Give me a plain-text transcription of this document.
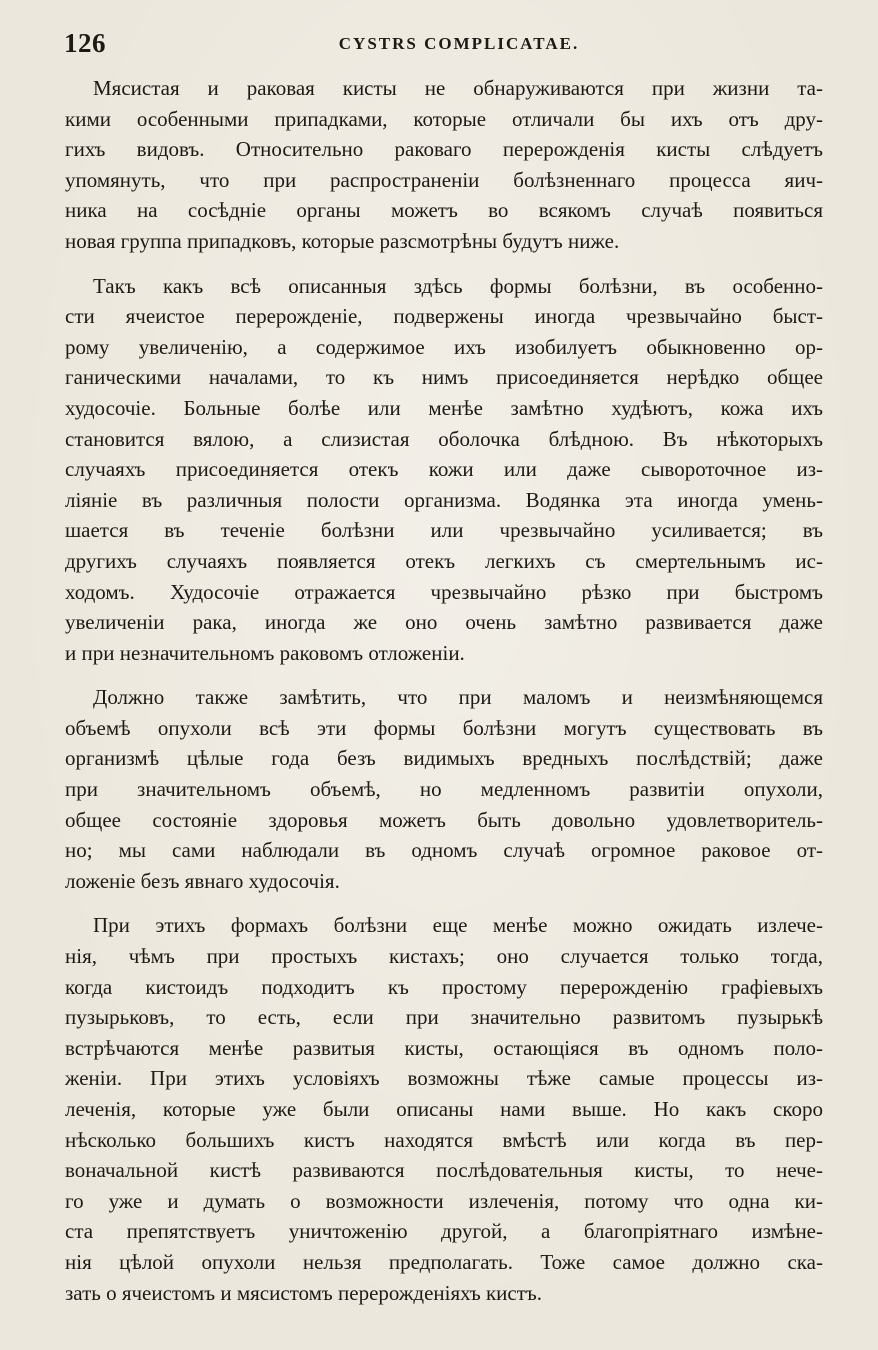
126	CYSTRS COMPLICATAE.
Мясистая и раковая кисты не обнаруживаются при жизни та-
кими особенными припадками, которые отличали бы ихъ отъ дру-
гихъ видовъ. Относительно раковаго перерожденія кисты слѣдуетъ
упомянуть, что при распространеніи болѣзненнаго процесса яич-
ника на сосѣдніе органы можетъ во всякомъ случаѣ появиться
новая группа припадковъ, которые разсмотрѣны будутъ ниже.
Такъ какъ всѣ описанныя здѣсь формы болѣзни, въ особенно-
сти ячеистое перерожденіе, подвержены иногда чрезвычайно быст-
рому увеличенію, а содержимое ихъ изобилуетъ обыкновенно ор-
ганическими началами, то къ нимъ присоединяется нерѣдко общее
худосочіе. Больные болѣе или менѣе замѣтно худѣютъ, кожа ихъ
становится вялою, а слизистая оболочка блѣдною. Въ нѣкоторыхъ
случаяхъ присоединяется отекъ кожи или даже сывороточное из-
ліяніе въ различныя полости организма. Водянка эта иногда умень-
шается въ теченіе болѣзни или чрезвычайно усиливается; въ
другихъ случаяхъ появляется отекъ легкихъ съ смертельнымъ ис-
ходомъ. Худосочіе отражается чрезвычайно рѣзко при быстромъ
увеличеніи рака, иногда же оно очень замѣтно развивается даже
и при незначительномъ раковомъ отложеніи.
Должно также замѣтить, что при маломъ и неизмѣняющемся
объемѣ опухоли всѣ эти формы болѣзни могутъ существовать въ
организмѣ цѣлые года безъ видимыхъ вредныхъ послѣдствій; даже
при значительномъ объемѣ, но медленномъ развитіи опухоли,
общее состояніе здоровья можетъ быть довольно удовлетворитель-
но; мы сами наблюдали въ одномъ случаѣ огромное раковое от-
ложеніе безъ явнаго худосочія.
При этихъ формахъ болѣзни еще менѣе можно ожидать излече-
нія, чѣмъ при простыхъ кистахъ; оно случается только тогда,
когда кистоидъ подходитъ къ простому перерожденію графіевыхъ
пузырьковъ, то есть, если при значительно развитомъ пузырькѣ
встрѣчаются менѣе развитыя кисты, остающіяся въ одномъ поло-
женіи. При этихъ условіяхъ возможны тѣже самые процессы из-
леченія, которые уже были описаны нами выше. Но какъ скоро
нѣсколько большихъ кистъ находятся вмѣстѣ или когда въ пер-
воначальной кистѣ развиваются послѣдовательныя кисты, то нече-
го уже и думать о возможности излеченія, потому что одна ки-
ста препятствуетъ уничтоженію другой, а благопріятнаго измѣне-
нія цѣлой опухоли нельзя предполагать. Тоже самое должно ска-
зать о ячеистомъ и мясистомъ перерожденіяхъ кистъ.
